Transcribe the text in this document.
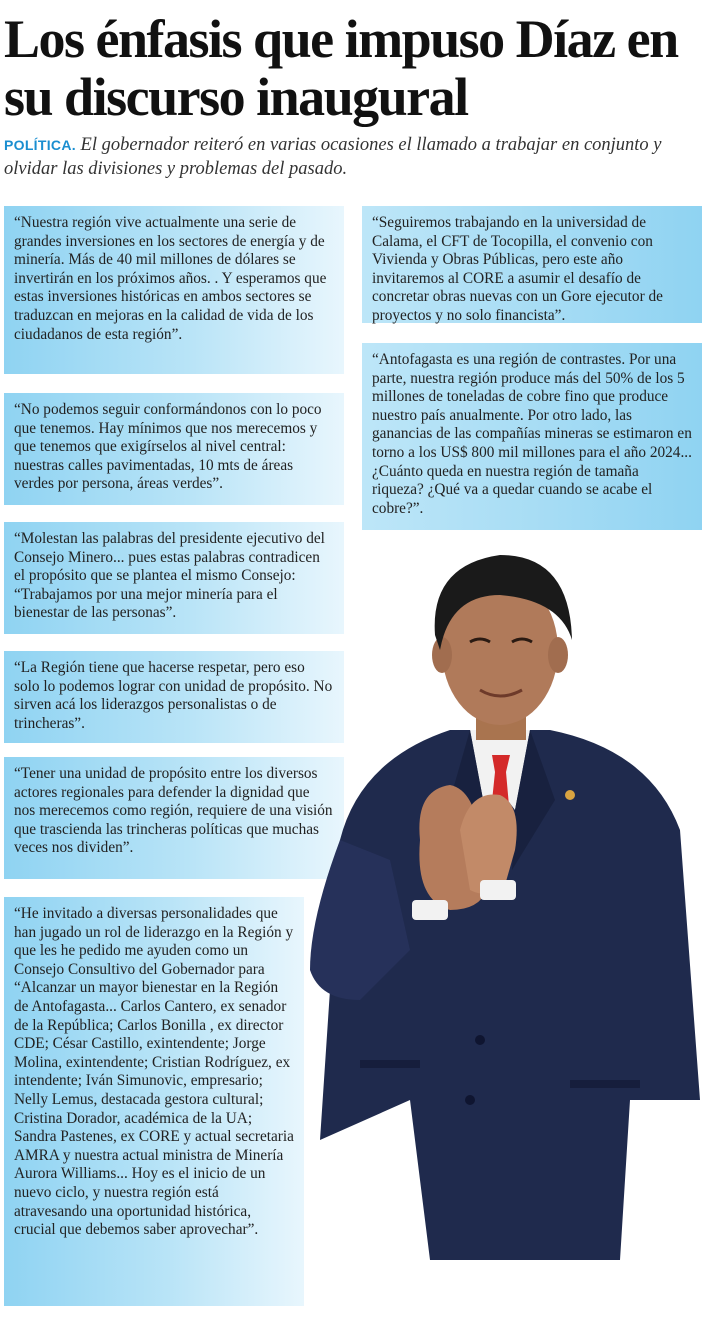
Los énfasis que impuso Díaz en su discurso inaugural
POLÍTICA. El gobernador reiteró en varias ocasiones el llamado a trabajar en conjunto y olvidar las divisiones y problemas del pasado.
“Nuestra región vive actualmente una serie de grandes inversiones en los sectores de energía y de minería. Más de 40 mil millones de dólares se invertirán en los próximos años. . Y esperamos que estas inversiones históricas en ambos sectores se traduzcan en mejoras en la calidad de vida de los ciudadanos de esta región”.
“No podemos seguir conformándonos con lo poco que tenemos. Hay mínimos que nos merecemos y que tenemos que exigírselos al nivel central: nuestras calles pavimentadas, 10 mts de áreas verdes por persona, áreas verdes”.
“Molestan las palabras del presidente ejecutivo del Consejo Minero... pues estas palabras contradicen el propósito que se plantea el mismo Consejo: “Trabajamos por una mejor minería para el bienestar de las personas”.
“La Región tiene que hacerse respetar, pero eso solo lo podemos lograr con unidad de propósito. No sirven acá los liderazgos personalistas o de trincheras”.
“Tener una unidad de propósito entre los diversos actores regionales para defender la dignidad que nos merecemos como región, requiere de una visión que trascienda las trincheras políticas que muchas veces nos dividen”.
“He invitado a diversas personalidades que han jugado un rol de liderazgo en la Región y que les he pedido me ayuden como un Consejo Consultivo del Gobernador para “Alcanzar un mayor bienestar en la Región de Antofagasta... Carlos Cantero, ex senador de la República; Carlos Bonilla , ex director CDE; César Castillo, exintendente; Jorge Molina, exintendente; Cristian Rodríguez, ex intendente; Iván Simunovic, empresario; Nelly Lemus, destacada gestora cultural; Cristina Dorador, académica de la UA; Sandra Pastenes, ex CORE y actual secretaria AMRA y nuestra actual ministra de Minería Aurora Williams... Hoy es el inicio de un nuevo ciclo, y nuestra región está atravesando una oportunidad histórica, crucial que debemos saber aprovechar”.
“Seguiremos trabajando en la universidad de Calama, el CFT de Tocopilla, el convenio con Vivienda y Obras Públicas, pero este año invitaremos al CORE a asumir el desafío de concretar obras nuevas con un Gore ejecutor de proyectos y no solo financista”.
“Antofagasta es una región de contrastes. Por una parte, nuestra región produce más del 50% de los 5 millones de toneladas de cobre fino que produce nuestro país anualmente. Por otro lado, las ganancias de las compañías mineras se estimaron en torno a los US$ 800 mil millones para el año 2024... ¿Cuánto queda en nuestra región de tamaña riqueza? ¿Qué va a quedar cuando se acabe el cobre?”.
